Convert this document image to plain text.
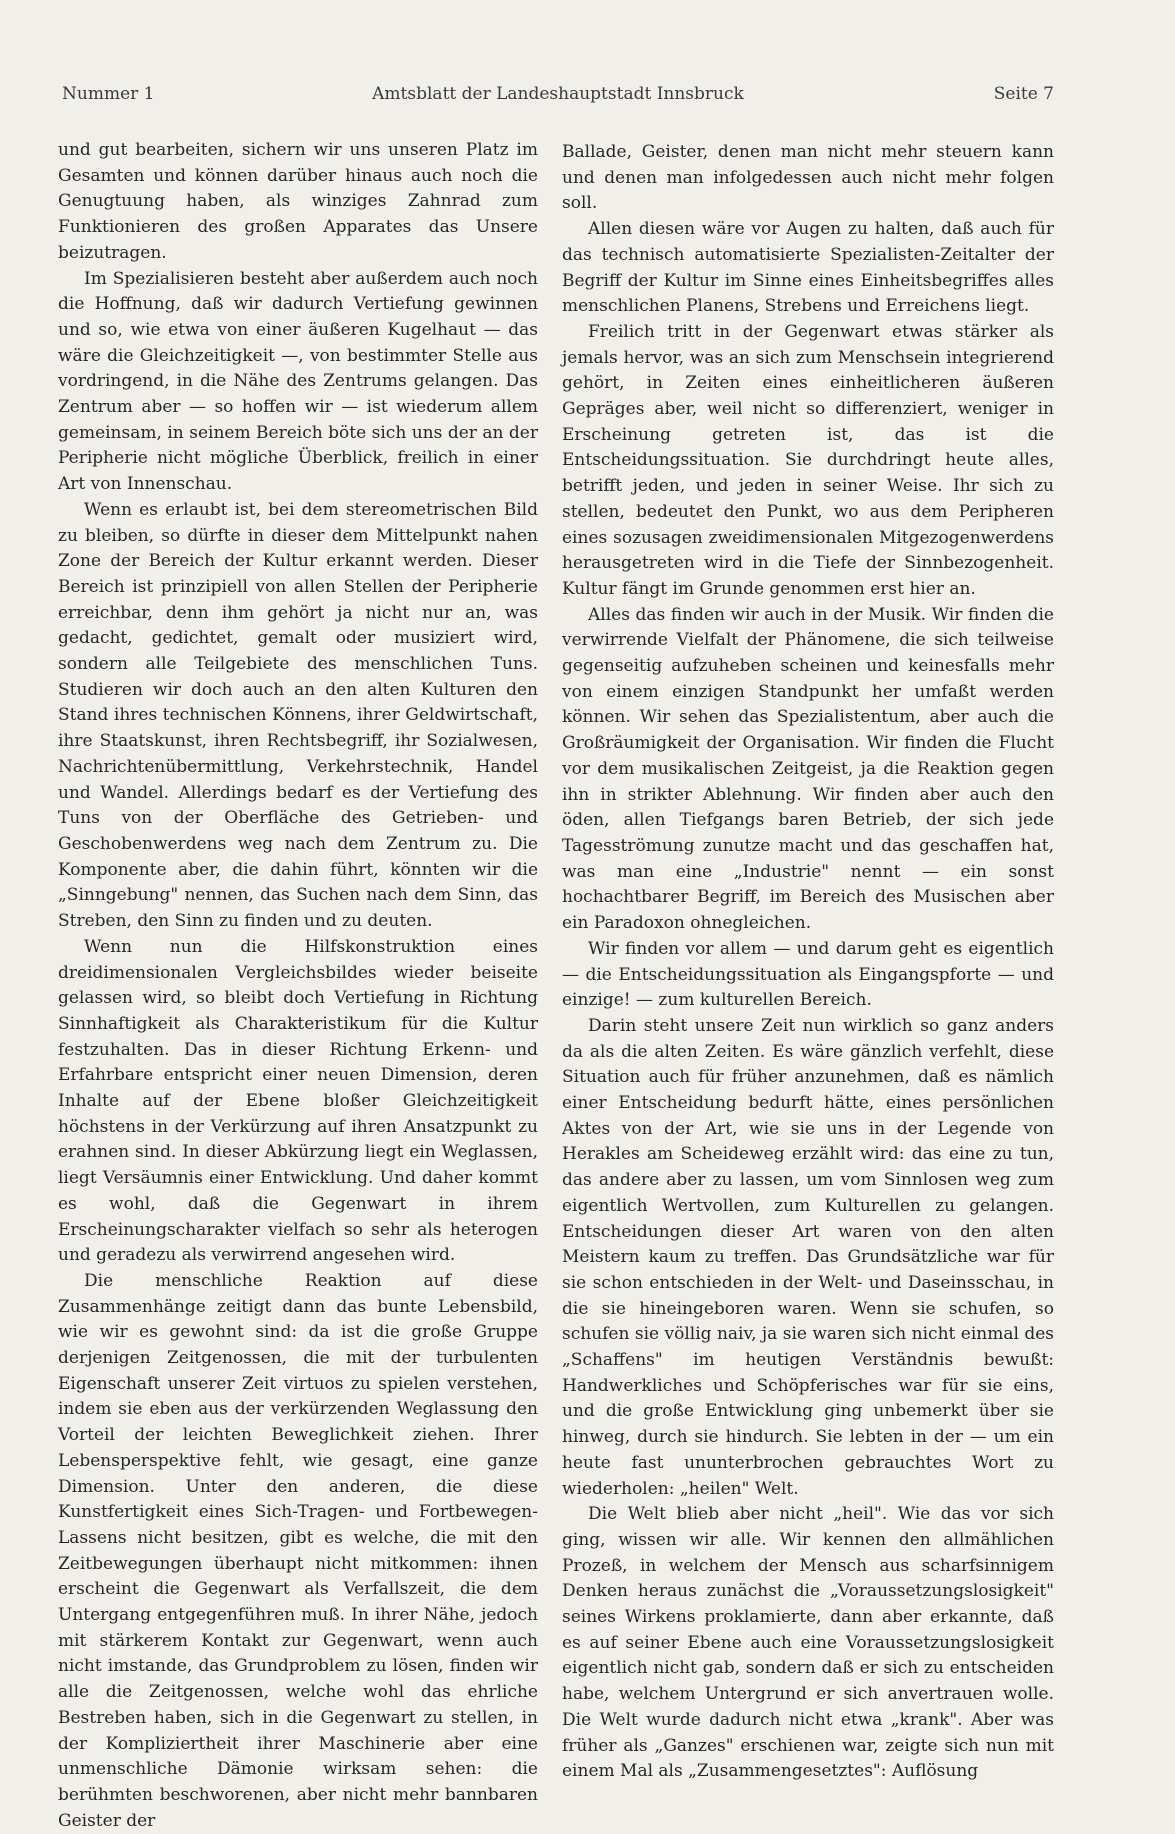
Nummer 1	Amtsblatt der Landeshauptstadt Innsbruck	Seite 7

und gut bearbeiten, sichern wir uns unseren Platz im Gesamten und können darüber hinaus auch noch die Genugtuung haben, als winziges Zahnrad zum Funktionieren des großen Apparates das Unsere beizutragen.

Im Spezialisieren besteht aber außerdem auch noch die Hoffnung, daß wir dadurch Vertiefung gewinnen und so, wie etwa von einer äußeren Kugelhaut — das wäre die Gleichzeitigkeit —, von bestimmter Stelle aus vordringend, in die Nähe des Zentrums gelangen. Das Zentrum aber — so hoffen wir — ist wiederum allem gemeinsam, in seinem Bereich böte sich uns der an der Peripherie nicht mögliche Überblick, freilich in einer Art von Innenschau.

Wenn es erlaubt ist, bei dem stereometrischen Bild zu bleiben, so dürfte in dieser dem Mittelpunkt nahen Zone der Bereich der Kultur erkannt werden. Dieser Bereich ist prinzipiell von allen Stellen der Peripherie erreichbar, denn ihm gehört ja nicht nur an, was gedacht, gedichtet, gemalt oder musiziert wird, sondern alle Teilgebiete des menschlichen Tuns. Studieren wir doch auch an den alten Kulturen den Stand ihres technischen Könnens, ihrer Geldwirtschaft, ihre Staatskunst, ihren Rechtsbegriff, ihr Sozialwesen, Nachrichtenübermittlung, Verkehrstechnik, Handel und Wandel. Allerdings bedarf es der Vertiefung des Tuns von der Oberfläche des Getrieben- und Geschobenwerdens weg nach dem Zentrum zu. Die Komponente aber, die dahin führt, könnten wir die „Sinngebung" nennen, das Suchen nach dem Sinn, das Streben, den Sinn zu finden und zu deuten.

Wenn nun die Hilfskonstruktion eines dreidimensionalen Vergleichsbildes wieder beiseite gelassen wird, so bleibt doch Vertiefung in Richtung Sinnhaftigkeit als Charakteristikum für die Kultur festzuhalten. Das in dieser Richtung Erkenn- und Erfahrbare entspricht einer neuen Dimension, deren Inhalte auf der Ebene bloßer Gleichzeitigkeit höchstens in der Verkürzung auf ihren Ansatzpunkt zu erahnen sind. In dieser Abkürzung liegt ein Weglassen, liegt Versäumnis einer Entwicklung. Und daher kommt es wohl, daß die Gegenwart in ihrem Erscheinungscharakter vielfach so sehr als heterogen und geradezu als verwirrend angesehen wird.

Die menschliche Reaktion auf diese Zusammenhänge zeitigt dann das bunte Lebensbild, wie wir es gewohnt sind: da ist die große Gruppe derjenigen Zeitgenossen, die mit der turbulenten Eigenschaft unserer Zeit virtuos zu spielen verstehen, indem sie eben aus der verkürzenden Weglassung den Vorteil der leichten Beweglichkeit ziehen. Ihrer Lebensperspektive fehlt, wie gesagt, eine ganze Dimension. Unter den anderen, die diese Kunstfertigkeit eines Sich-Tragen- und Fortbewegen-Lassens nicht besitzen, gibt es welche, die mit den Zeitbewegungen überhaupt nicht mitkommen: ihnen erscheint die Gegenwart als Verfallszeit, die dem Untergang entgegenführen muß. In ihrer Nähe, jedoch mit stärkerem Kontakt zur Gegenwart, wenn auch nicht imstande, das Grundproblem zu lösen, finden wir alle die Zeitgenossen, welche wohl das ehrliche Bestreben haben, sich in die Gegenwart zu stellen, in der Kompliziertheit ihrer Maschinerie aber eine unmenschliche Dämonie wirksam sehen: die berühmten beschworenen, aber nicht mehr bannbaren Geister der

Ballade, Geister, denen man nicht mehr steuern kann und denen man infolgedessen auch nicht mehr folgen soll.

Allen diesen wäre vor Augen zu halten, daß auch für das technisch automatisierte Spezialisten-Zeitalter der Begriff der Kultur im Sinne eines Einheitsbegriffes alles menschlichen Planens, Strebens und Erreichens liegt.

Freilich tritt in der Gegenwart etwas stärker als jemals hervor, was an sich zum Menschsein integrierend gehört, in Zeiten eines einheitlicheren äußeren Gepräges aber, weil nicht so differenziert, weniger in Erscheinung getreten ist, das ist die Entscheidungssituation. Sie durchdringt heute alles, betrifft jeden, und jeden in seiner Weise. Ihr sich zu stellen, bedeutet den Punkt, wo aus dem Peripheren eines sozusagen zweidimensionalen Mitgezogenwerdens herausgetreten wird in die Tiefe der Sinnbezogenheit. Kultur fängt im Grunde genommen erst hier an.

Alles das finden wir auch in der Musik. Wir finden die verwirrende Vielfalt der Phänomene, die sich teilweise gegenseitig aufzuheben scheinen und keinesfalls mehr von einem einzigen Standpunkt her umfaßt werden können. Wir sehen das Spezialistentum, aber auch die Großräumigkeit der Organisation. Wir finden die Flucht vor dem musikalischen Zeitgeist, ja die Reaktion gegen ihn in strikter Ablehnung. Wir finden aber auch den öden, allen Tiefgangs baren Betrieb, der sich jede Tagesströmung zunutze macht und das geschaffen hat, was man eine „Industrie" nennt — ein sonst hochachtbarer Begriff, im Bereich des Musischen aber ein Paradoxon ohnegleichen.

Wir finden vor allem — und darum geht es eigentlich — die Entscheidungssituation als Eingangspforte — und einzige! — zum kulturellen Bereich.

Darin steht unsere Zeit nun wirklich so ganz anders da als die alten Zeiten. Es wäre gänzlich verfehlt, diese Situation auch für früher anzunehmen, daß es nämlich einer Entscheidung bedurft hätte, eines persönlichen Aktes von der Art, wie sie uns in der Legende von Herakles am Scheideweg erzählt wird: das eine zu tun, das andere aber zu lassen, um vom Sinnlosen weg zum eigentlich Wertvollen, zum Kulturellen zu gelangen. Entscheidungen dieser Art waren von den alten Meistern kaum zu treffen. Das Grundsätzliche war für sie schon entschieden in der Welt- und Daseinsschau, in die sie hineingeboren waren. Wenn sie schufen, so schufen sie völlig naiv, ja sie waren sich nicht einmal des „Schaffens" im heutigen Verständnis bewußt: Handwerkliches und Schöpferisches war für sie eins, und die große Entwicklung ging unbemerkt über sie hinweg, durch sie hindurch. Sie lebten in der — um ein heute fast ununterbrochen gebrauchtes Wort zu wiederholen: „heilen" Welt.

Die Welt blieb aber nicht „heil". Wie das vor sich ging, wissen wir alle. Wir kennen den allmählichen Prozeß, in welchem der Mensch aus scharfsinnigem Denken heraus zunächst die „Voraussetzungslosigkeit" seines Wirkens proklamierte, dann aber erkannte, daß es auf seiner Ebene auch eine Voraussetzungslosigkeit eigentlich nicht gab, sondern daß er sich zu entscheiden habe, welchem Untergrund er sich anvertrauen wolle. Die Welt wurde dadurch nicht etwa „krank". Aber was früher als „Ganzes" erschienen war, zeigte sich nun mit einem Mal als „Zusammengesetztes": Auflösung
